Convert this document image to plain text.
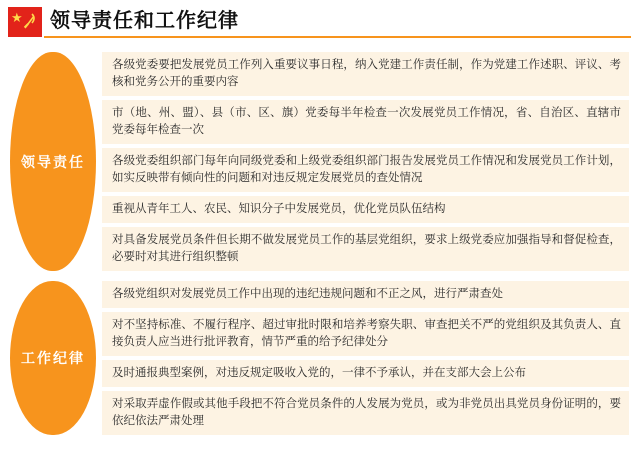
★ 领导责任和工作纪律
领导责任
各级党委要把发展党员工作列入重要议事日程，纳入党建工作责任制，作为党建工作述职、评议、考核和党务公开的重要内容
市（地、州、盟）、县（市、区、旗）党委每半年检查一次发展党员工作情况，省、自治区、直辖市党委每年检查一次
各级党委组织部门每年向同级党委和上级党委组织部门报告发展党员工作情况和发展党员工作计划，如实反映带有倾向性的问题和对违反规定发展党员的查处情况
重视从青年工人、农民、知识分子中发展党员，优化党员队伍结构
对具备发展党员条件但长期不做发展党员工作的基层党组织，要求上级党委应加强指导和督促检查，必要时对其进行组织整顿
工作纪律
各级党组织对发展党员工作中出现的违纪违规问题和不正之风，进行严肃查处
对不坚持标准、不履行程序、超过审批时限和培养考察失职、审查把关不严的党组织及其负责人、直接负责人应当进行批评教育，情节严重的给予纪律处分
及时通报典型案例，对违反规定吸收入党的，一律不予承认，并在支部大会上公布
对采取弄虚作假或其他手段把不符合党员条件的人发展为党员，或为非党员出具党员身份证明的，要依纪依法严肃处理
